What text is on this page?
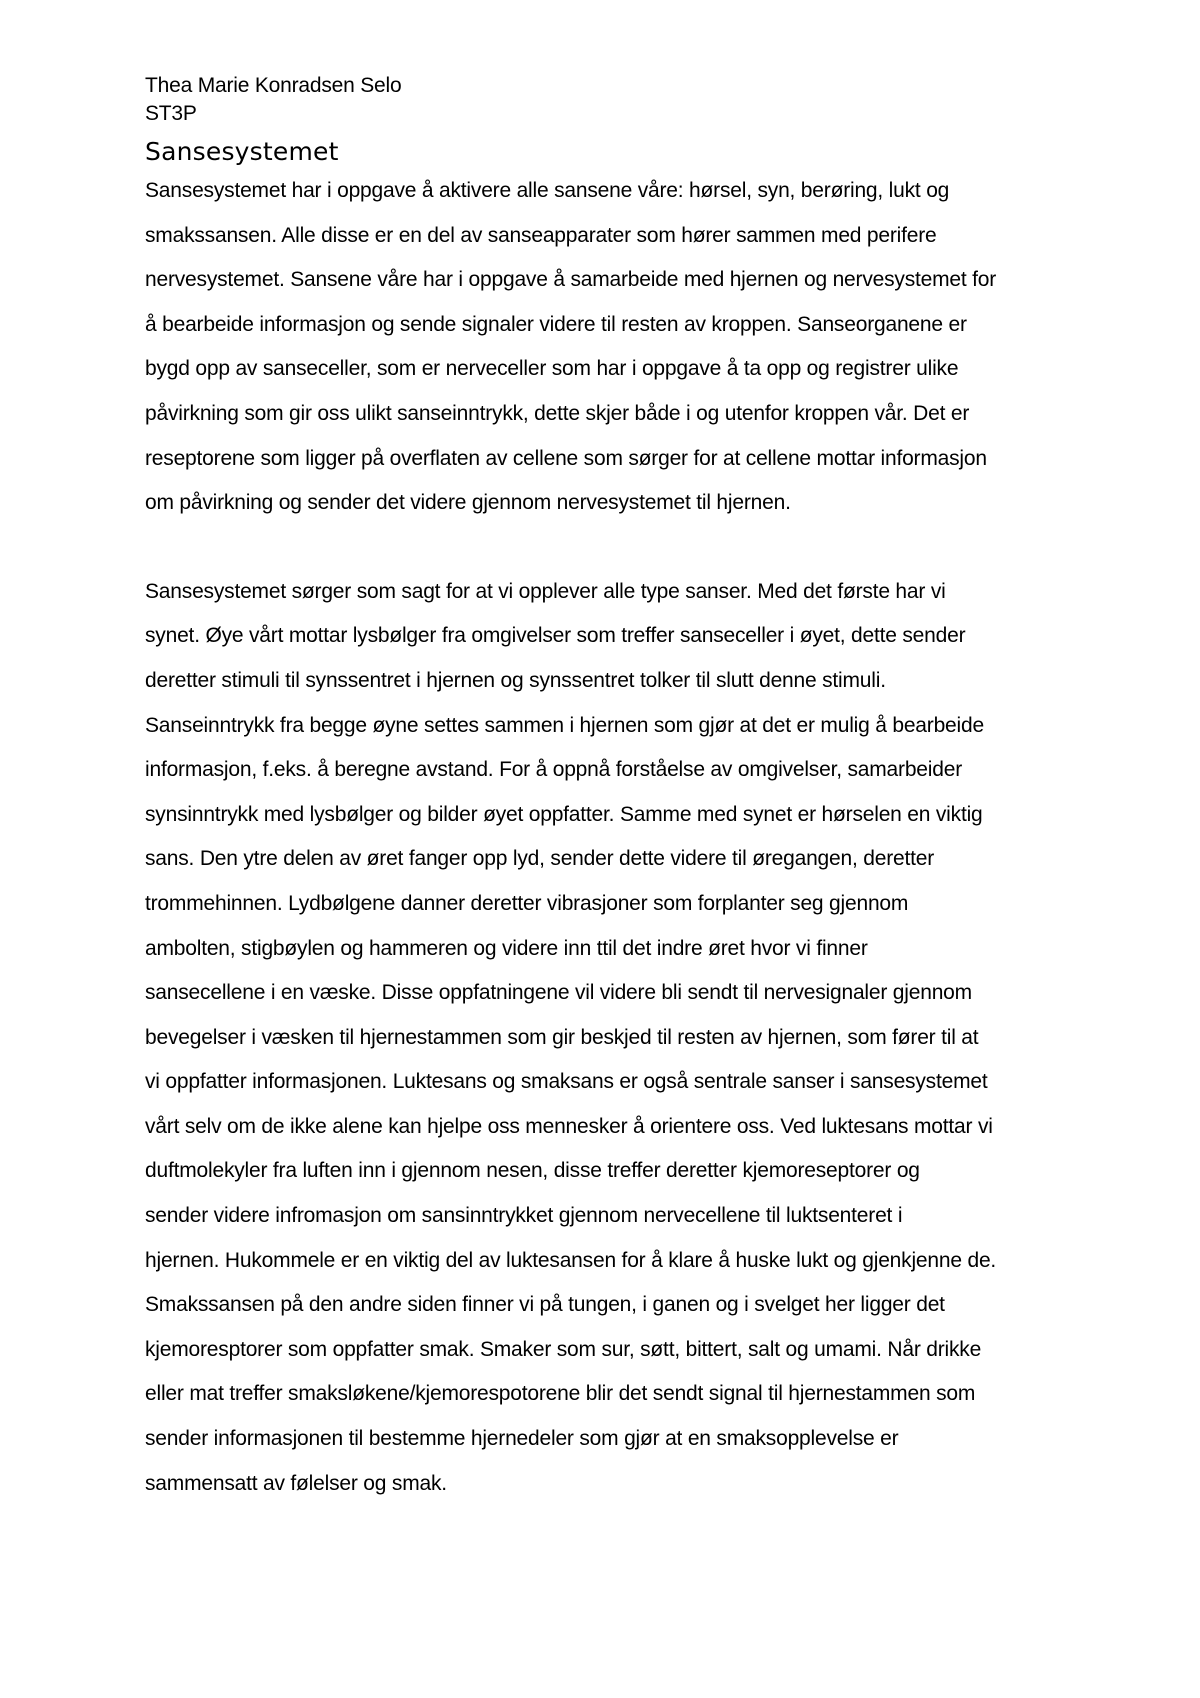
Thea Marie Konradsen Selo
ST3P
Sansesystemet

Sansesystemet har i oppgave å aktivere alle sansene våre: hørsel, syn, berøring, lukt og
smakssansen. Alle disse er en del av sanseapparater som hører sammen med perifere
nervesystemet. Sansene våre har i oppgave å samarbeide med hjernen og nervesystemet for
å bearbeide informasjon og sende signaler videre til resten av kroppen. Sanseorganene er
bygd opp av sanseceller, som er nerveceller som har i oppgave å ta opp og registrer ulike
påvirkning som gir oss ulikt sanseinntrykk, dette skjer både i og utenfor kroppen vår. Det er
reseptorene som ligger på overflaten av cellene som sørger for at cellene mottar informasjon
om påvirkning og sender det videre gjennom nervesystemet til hjernen.

Sansesystemet sørger som sagt for at vi opplever alle type sanser. Med det første har vi
synet. Øye vårt mottar lysbølger fra omgivelser som treffer sanseceller i øyet, dette sender
deretter stimuli til synssentret i hjernen og synssentret tolker til slutt denne stimuli.
Sanseinntrykk fra begge øyne settes sammen i hjernen som gjør at det er mulig å bearbeide
informasjon, f.eks. å beregne avstand. For å oppnå forståelse av omgivelser, samarbeider
synsinntrykk med lysbølger og bilder øyet oppfatter. Samme med synet er hørselen en viktig
sans. Den ytre delen av øret fanger opp lyd, sender dette videre til øregangen, deretter
trommehinnen. Lydbølgene danner deretter vibrasjoner som forplanter seg gjennom
ambolten, stigbøylen og hammeren og videre inn ttil det indre øret hvor vi finner
sansecellene i en væske. Disse oppfatningene vil videre bli sendt til nervesignaler gjennom
bevegelser i væsken til hjernestammen som gir beskjed til resten av hjernen, som fører til at
vi oppfatter informasjonen. Luktesans og smaksans er også sentrale sanser i sansesystemet
vårt selv om de ikke alene kan hjelpe oss mennesker å orientere oss. Ved luktesans mottar vi
duftmolekyler fra luften inn i gjennom nesen, disse treffer deretter kjemoreseptorer og
sender videre infromasjon om sansinntrykket gjennom nervecellene til luktsenteret i
hjernen. Hukommele er en viktig del av luktesansen for å klare å huske lukt og gjenkjenne de.
Smakssansen på den andre siden finner vi på tungen, i ganen og i svelget her ligger det
kjemoresptorer som oppfatter smak. Smaker som sur, søtt, bittert, salt og umami. Når drikke
eller mat treffer smaksløkene/kjemorespotorene blir det sendt signal til hjernestammen som
sender informasjonen til bestemme hjernedeler som gjør at en smaksopplevelse er
sammensatt av følelser og smak.
